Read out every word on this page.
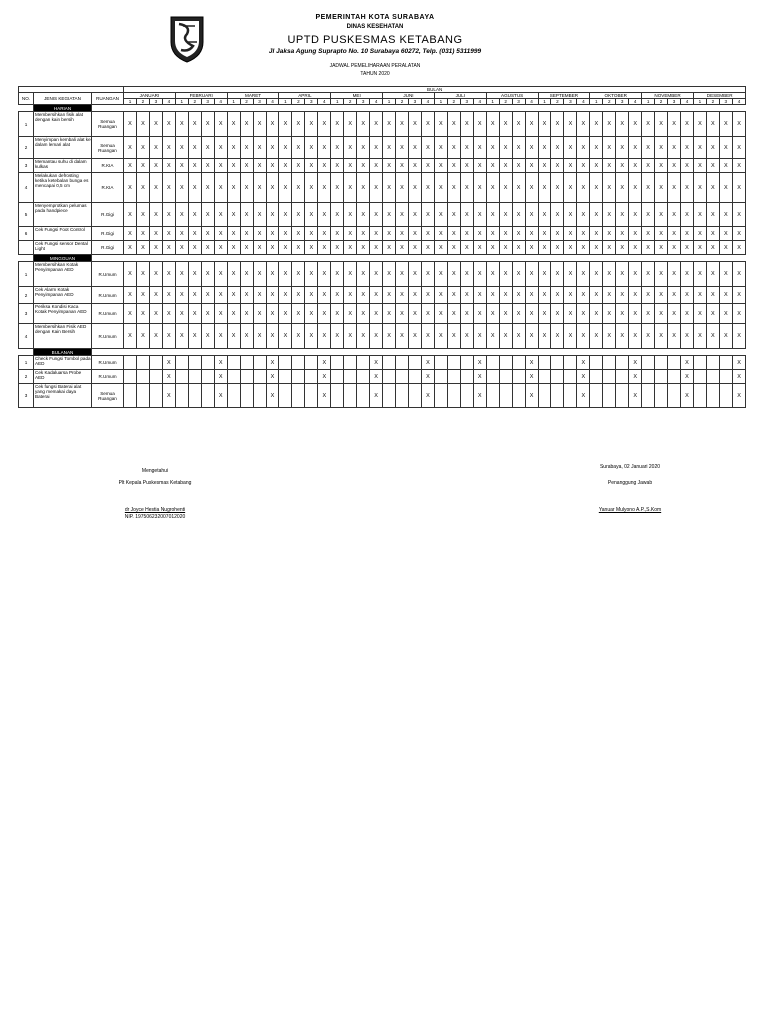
PEMERINTAH KOTA SURABAYA
DINAS KESEHATAN
UPTD PUSKESMAS KETABANG
Jl Jaksa Agung Suprapto No. 10 Surabaya 60272, Telp. (031) 5311999
JADWAL PEMELIHARAAN PERALATAN
TAHUN 2020
			BULAN																																															
NO.	JENIS KEGIATAN	RUANGAN	JANUARI				FEBRUARI				MARET				APRIL				MEI				JUNI				JULI				AGUSTUS				SEPTEMBER				OKTOBER				NOVEMBER				DESEMBER			
			1	2	3	4	1	2	3	4	1	2	3	4	1	2	3	4	1	2	3	4	1	2	3	4	1	2	3	4	1	2	3	4	1	2	3	4	1	2	3	4	1	2	3	4	1	2	3	4
	HARIAN																																																	
1	Membersihkan fisik alat dengan kain bersih	Semua Ruangan	X	X	X	X	X	X	X	X	X	X	X	X	X	X	X	X	X	X	X	X	X	X	X	X	X	X	X	X	X	X	X	X	X	X	X	X	X	X	X	X	X	X	X	X	X	X	X	X
2	Menyimpan kembali alat ke dalam lemari alat	Semua Ruangan	X	X	X	X	X	X	X	X	X	X	X	X	X	X	X	X	X	X	X	X	X	X	X	X	X	X	X	X	X	X	X	X	X	X	X	X	X	X	X	X	X	X	X	X	X	X	X	X
3	Memantau suhu di dalam kulkas	R.KIA	X	X	X	X	X	X	X	X	X	X	X	X	X	X	X	X	X	X	X	X	X	X	X	X	X	X	X	X	X	X	X	X	X	X	X	X	X	X	X	X	X	X	X	X	X	X	X	X
4	Melakukan defrosting ketika ketebalan bunga es mencapai 0,5 cm	R.KIA	X	X	X	X	X	X	X	X	X	X	X	X	X	X	X	X	X	X	X	X	X	X	X	X	X	X	X	X	X	X	X	X	X	X	X	X	X	X	X	X	X	X	X	X	X	X	X	X
5	Menyemprotkan pelumas pada handpiece	R.Gigi	X	X	X	X	X	X	X	X	X	X	X	X	X	X	X	X	X	X	X	X	X	X	X	X	X	X	X	X	X	X	X	X	X	X	X	X	X	X	X	X	X	X	X	X	X	X	X	X
6	Cek Fungsi Foot Control	R.Gigi	X	X	X	X	X	X	X	X	X	X	X	X	X	X	X	X	X	X	X	X	X	X	X	X	X	X	X	X	X	X	X	X	X	X	X	X	X	X	X	X	X	X	X	X	X	X	X	X
	Cek Fungsi sensor Dental Light	R.Gigi	X	X	X	X	X	X	X	X	X	X	X	X	X	X	X	X	X	X	X	X	X	X	X	X	X	X	X	X	X	X	X	X	X	X	X	X	X	X	X	X	X	X	X	X	X	X	X	X
	MINGGUAN																																																	
1	Membersihkan Kotak Penyimpanan AED	R.Umum	X	X	X	X	X	X	X	X	X	X	X	X	X	X	X	X	X	X	X	X	X	X	X	X	X	X	X	X	X	X	X	X	X	X	X	X	X	X	X	X	X	X	X	X	X	X	X	X
2	Cek Alarm Kotak Penyimpanan AED	R.Umum	X	X	X	X	X	X	X	X	X	X	X	X	X	X	X	X	X	X	X	X	X	X	X	X	X	X	X	X	X	X	X	X	X	X	X	X	X	X	X	X	X	X	X	X	X	X	X	X
3	Periksa Kondisi Kaca Kotak Penyimpanan AED	R.Umum	X	X	X	X	X	X	X	X	X	X	X	X	X	X	X	X	X	X	X	X	X	X	X	X	X	X	X	X	X	X	X	X	X	X	X	X	X	X	X	X	X	X	X	X	X	X	X	X
4	Membersihkan Fisik AED dengan Kain Bersih	R.Umum	X	X	X	X	X	X	X	X	X	X	X	X	X	X	X	X	X	X	X	X	X	X	X	X	X	X	X	X	X	X	X	X	X	X	X	X	X	X	X	X	X	X	X	X	X	X	X	X
	BULANAN																																																	
1	Check Fungsi Tombol pada AED	R.Umum				X				X				X				X				X				X				X				X				X				X				X				X
2	Cek Kadaluarsa Probe AED	R.Umum				X				X				X				X				X				X				X				X				X				X				X				X
3	Cek fungsi Baterai alat yang memakai daya Baterai	Semua Ruangan				X				X				X				X				X				X				X				X				X				X				X				X
Mengetahui
Plt Kepala Puskesmas Ketabang
dr Joyce Hestia Nugrohenti
NIP. 197506232007012020
Surabaya, 02 Januari 2020
Penanggung Jawab
Yanuar Mulyono A.P.,S.Kom
